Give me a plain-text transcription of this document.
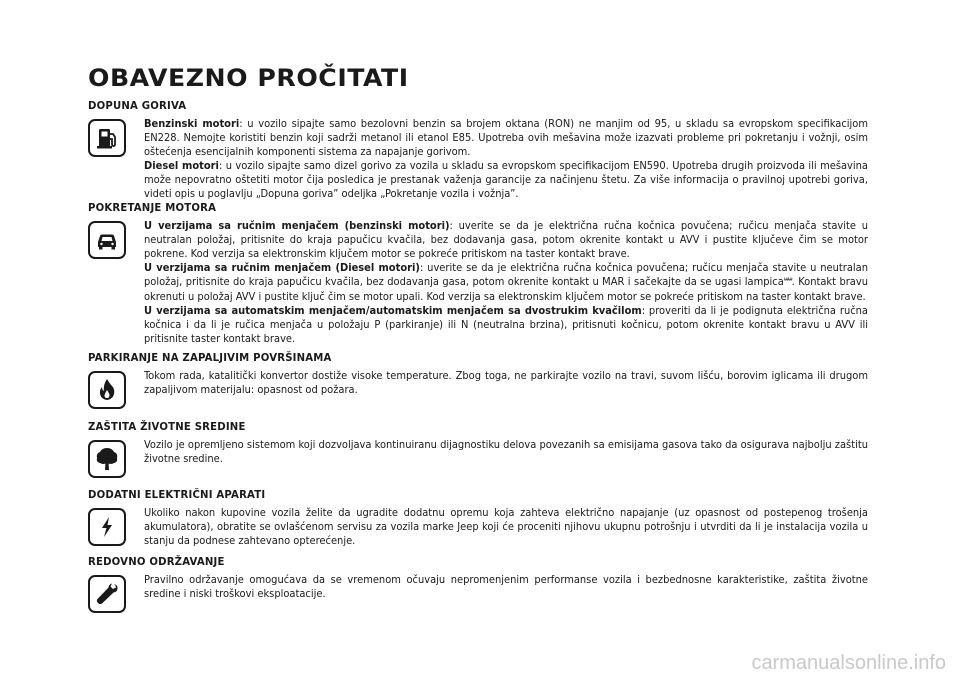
OBAVEZNO PROČITATI
DOPUNA GORIVA

Benzinski motori: u vozilo sipajte samo bezolovni benzin sa brojem oktana (RON) ne manjim od 95, u skladu sa evropskom specifikacijom EN228. Nemojte koristiti benzin koji sadrži metanol ili etanol E85. Upotreba ovih mešavina može izazvati probleme pri pokretanju i vožnji, osim oštećenja esencijalnih komponenti sistema za napajanje gorivom.

Diesel motori: u vozilo sipajte samo dizel gorivo za vozila u skladu sa evropskom specifikacijom EN590. Upotreba drugih proizvoda ili mešavina može nepovratno oštetiti motor čija posledica je prestanak važenja garancije za načinjenu štetu. Za više informacija o pravilnoj upotrebi goriva, videti opis u poglavlju „Dopuna goriva” odeljka „Pokretanje vozila i vožnja”.

POKRETANJE MOTORA

U verzijama sa ručnim menjačem (benzinski motori): uverite se da je električna ručna kočnica povučena; ručicu menjača stavite u neutralan položaj, pritisnite do kraja papučicu kvačila, bez dodavanja gasa, potom okrenite kontakt u AVV i pustite ključeve čim se motor pokrene. Kod verzija sa elektronskim ključem motor se pokreće pritiskom na taster kontakt brave.

U verzijama sa ručnim menjačem (Diesel motori): uverite se da je električna ručna kočnica povučena; ručicu menjača stavite u neutralan položaj, pritisnite do kraja papučicu kvačila, bez dodavanja gasa, potom okrenite kontakt u MAR i sačekajte da se ugasi lampicaᐜᐜ. Kontakt bravu okrenuti u položaj AVV i pustite ključ čim se motor upali. Kod verzija sa elektronskim ključem motor se pokreće pritiskom na taster kontakt brave.

U verzijama sa automatskim menjačem/automatskim menjačem sa dvostrukim kvačilom: proveriti da li je podignuta električna ručna kočnica i da li je ručica menjača u položaju P (parkiranje) ili N (neutralna brzina), pritisnuti kočnicu, potom okrenite kontakt bravu u AVV ili pritisnite taster kontakt brave.

PARKIRANJE NA ZAPALJIVIM POVRŠINAMA

Tokom rada, katalitički konvertor dostiže visoke temperature. Zbog toga, ne parkirajte vozilo na travi, suvom lišću, borovim iglicama ili drugom zapaljivom materijalu: opasnost od požara.

ZAŠTITA ŽIVOTNE SREDINE

Vozilo je opremljeno sistemom koji dozvoljava kontinuiranu dijagnostiku delova povezanih sa emisijama gasova tako da osigurava najbolju zaštitu životne sredine.

DODATNI ELEKTRIČNI APARATI

Ukoliko nakon kupovine vozila želite da ugradite dodatnu opremu koja zahteva električno napajanje (uz opasnost od postepenog trošenja akumulatora), obratite se ovlašćenom servisu za vozila marke Jeep koji će proceniti njihovu ukupnu potrošnju i utvrditi da li je instalacija vozila u stanju da podnese zahtevano opterećenje.

REDOVNO ODRŽAVANJE

Pravilno održavanje omogućava da se vremenom očuvaju nepromenjenim performanse vozila i bezbednosne karakteristike, zaštita životne sredine i niski troškovi eksploatacije.

carmanualsonline.info
